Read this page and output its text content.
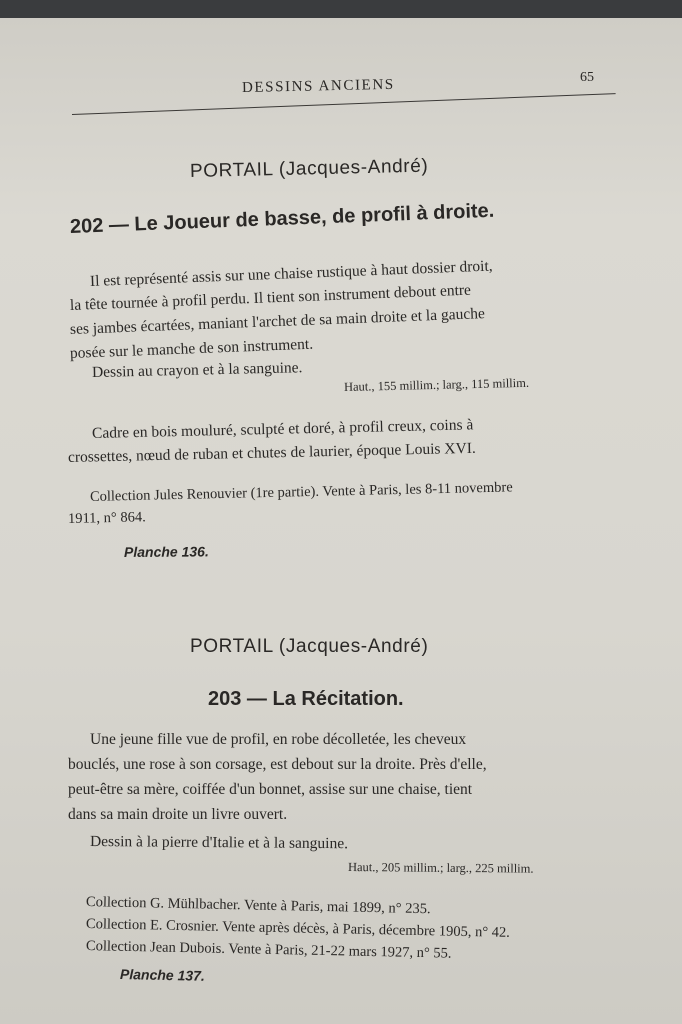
DESSINS ANCIENS	65
PORTAIL (Jacques-André)
202 — Le Joueur de basse, de profil à droite.
Il est représenté assis sur une chaise rustique à haut dossier droit,
la tête tournée à profil perdu. Il tient son instrument debout entre
ses jambes écartées, maniant l'archet de sa main droite et la gauche
posée sur le manche de son instrument.
Dessin au crayon et à la sanguine.
Haut., 155 millim.; larg., 115 millim.
Cadre en bois mouluré, sculpté et doré, à profil creux, coins à
crossettes, nœud de ruban et chutes de laurier, époque Louis XVI.
Collection Jules Renouvier (1re partie). Vente à Paris, les 8-11 novembre
1911, n° 864.
Planche 136.
PORTAIL (Jacques-André)
203 — La Récitation.
Une jeune fille vue de profil, en robe décolletée, les cheveux
bouclés, une rose à son corsage, est debout sur la droite. Près d'elle,
peut-être sa mère, coiffée d'un bonnet, assise sur une chaise, tient
dans sa main droite un livre ouvert.
Dessin à la pierre d'Italie et à la sanguine.
Haut., 205 millim.; larg., 225 millim.
Collection G. Mühlbacher. Vente à Paris, mai 1899, n° 235.
Collection E. Crosnier. Vente après décès, à Paris, décembre 1905, n° 42.
Collection Jean Dubois. Vente à Paris, 21-22 mars 1927, n° 55.
Planche 137.
